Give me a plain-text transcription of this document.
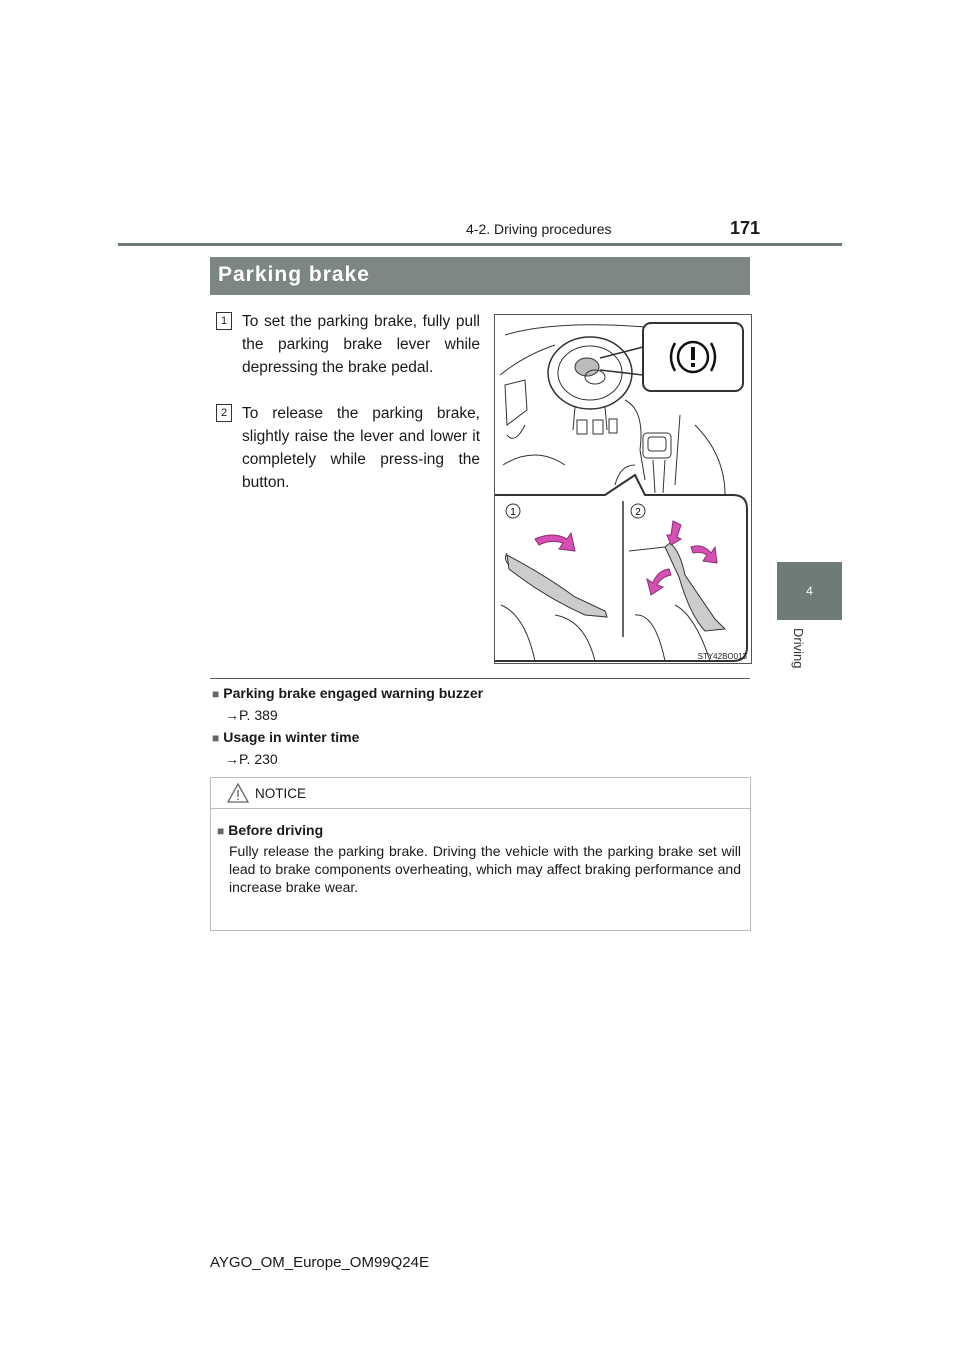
171
4-2. Driving procedures
4
Driving
Parking brake
1 To set the parking brake, fully pull the parking brake lever while depressing the brake pedal.
2 To release the parking brake, slightly raise the lever and lower it completely while press-ing the button.
1	2
STY42BO013
■ Parking brake engaged warning buzzer
→P. 389
■ Usage in winter time
→P. 230
NOTICE
■ Before driving
Fully release the parking brake. Driving the vehicle with the parking brake set will lead to brake components overheating, which may affect braking performance and increase brake wear.
AYGO_OM_Europe_OM99Q24E
